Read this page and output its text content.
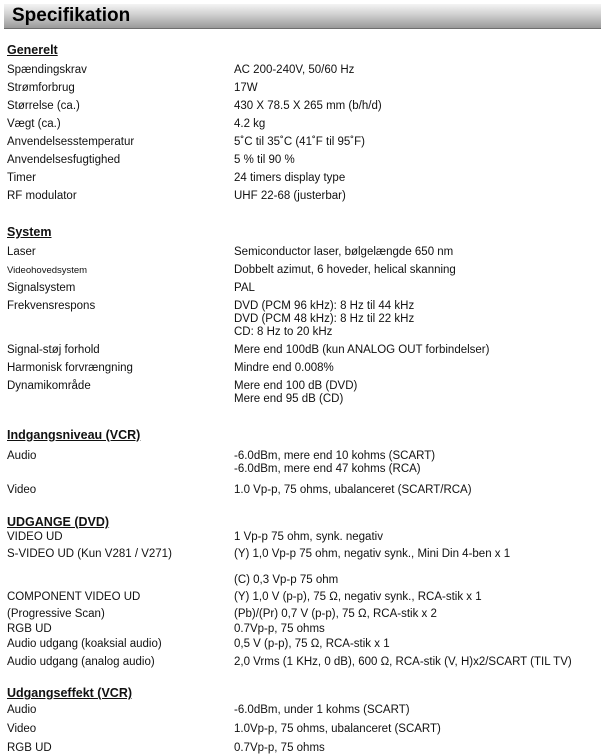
Specifikation
Generelt
Spændingskrav	AC 200-240V, 50/60 Hz
Strømforbrug	17W
Størrelse (ca.)	430 X 78.5 X 265 mm (b/h/d)
Vægt (ca.)	4.2 kg
Anvendelsesstemperatur	5˚C til 35˚C (41˚F til 95˚F)
Anvendelsesfugtighed	5 % til 90 %
Timer	24 timers display type
RF modulator	UHF 22-68 (justerbar)
System
Laser	Semiconductor laser, bølgelængde 650 nm
Videohovedsystem	Dobbelt azimut, 6 hoveder, helical skanning
Signalsystem	PAL
Frekvensrespons	DVD (PCM 96 kHz): 8 Hz til 44 kHz
DVD (PCM 48 kHz): 8 Hz til 22 kHz
CD: 8 Hz to 20 kHz
Signal-støj forhold	Mere end 100dB (kun ANALOG OUT forbindelser)
Harmonisk forvrængning	Mindre end 0.008%
Dynamikområde	Mere end 100 dB (DVD)
Mere end 95 dB (CD)
Indgangsniveau (VCR)
Audio	-6.0dBm, mere end 10 kohms (SCART)
-6.0dBm, mere end 47 kohms (RCA)
Video	1.0 Vp-p, 75 ohms, ubalanceret (SCART/RCA)
UDGANGE (DVD)
VIDEO UD	1 Vp-p 75 ohm, synk. negativ
S-VIDEO UD (Kun V281 / V271)	(Y) 1,0 Vp-p 75 ohm, negativ synk., Mini Din 4-ben x 1
(C) 0,3 Vp-p 75 ohm
COMPONENT VIDEO UD	(Y) 1,0 V (p-p), 75 Ω, negativ synk., RCA-stik x 1
(Progressive Scan)	(Pb)/(Pr) 0,7 V (p-p), 75 Ω, RCA-stik x 2
RGB UD	0.7Vp-p, 75 ohms
Audio udgang (koaksial audio)	0,5 V (p-p), 75 Ω, RCA-stik x 1
Audio udgang (analog audio)	2,0 Vrms (1 KHz, 0 dB), 600 Ω, RCA-stik (V, H)x2/SCART (TIL TV)
Udgangseffekt (VCR)
Audio	-6.0dBm, under 1 kohms (SCART)
Video	1.0Vp-p, 75 ohms, ubalanceret (SCART)
RGB UD	0.7Vp-p, 75 ohms
